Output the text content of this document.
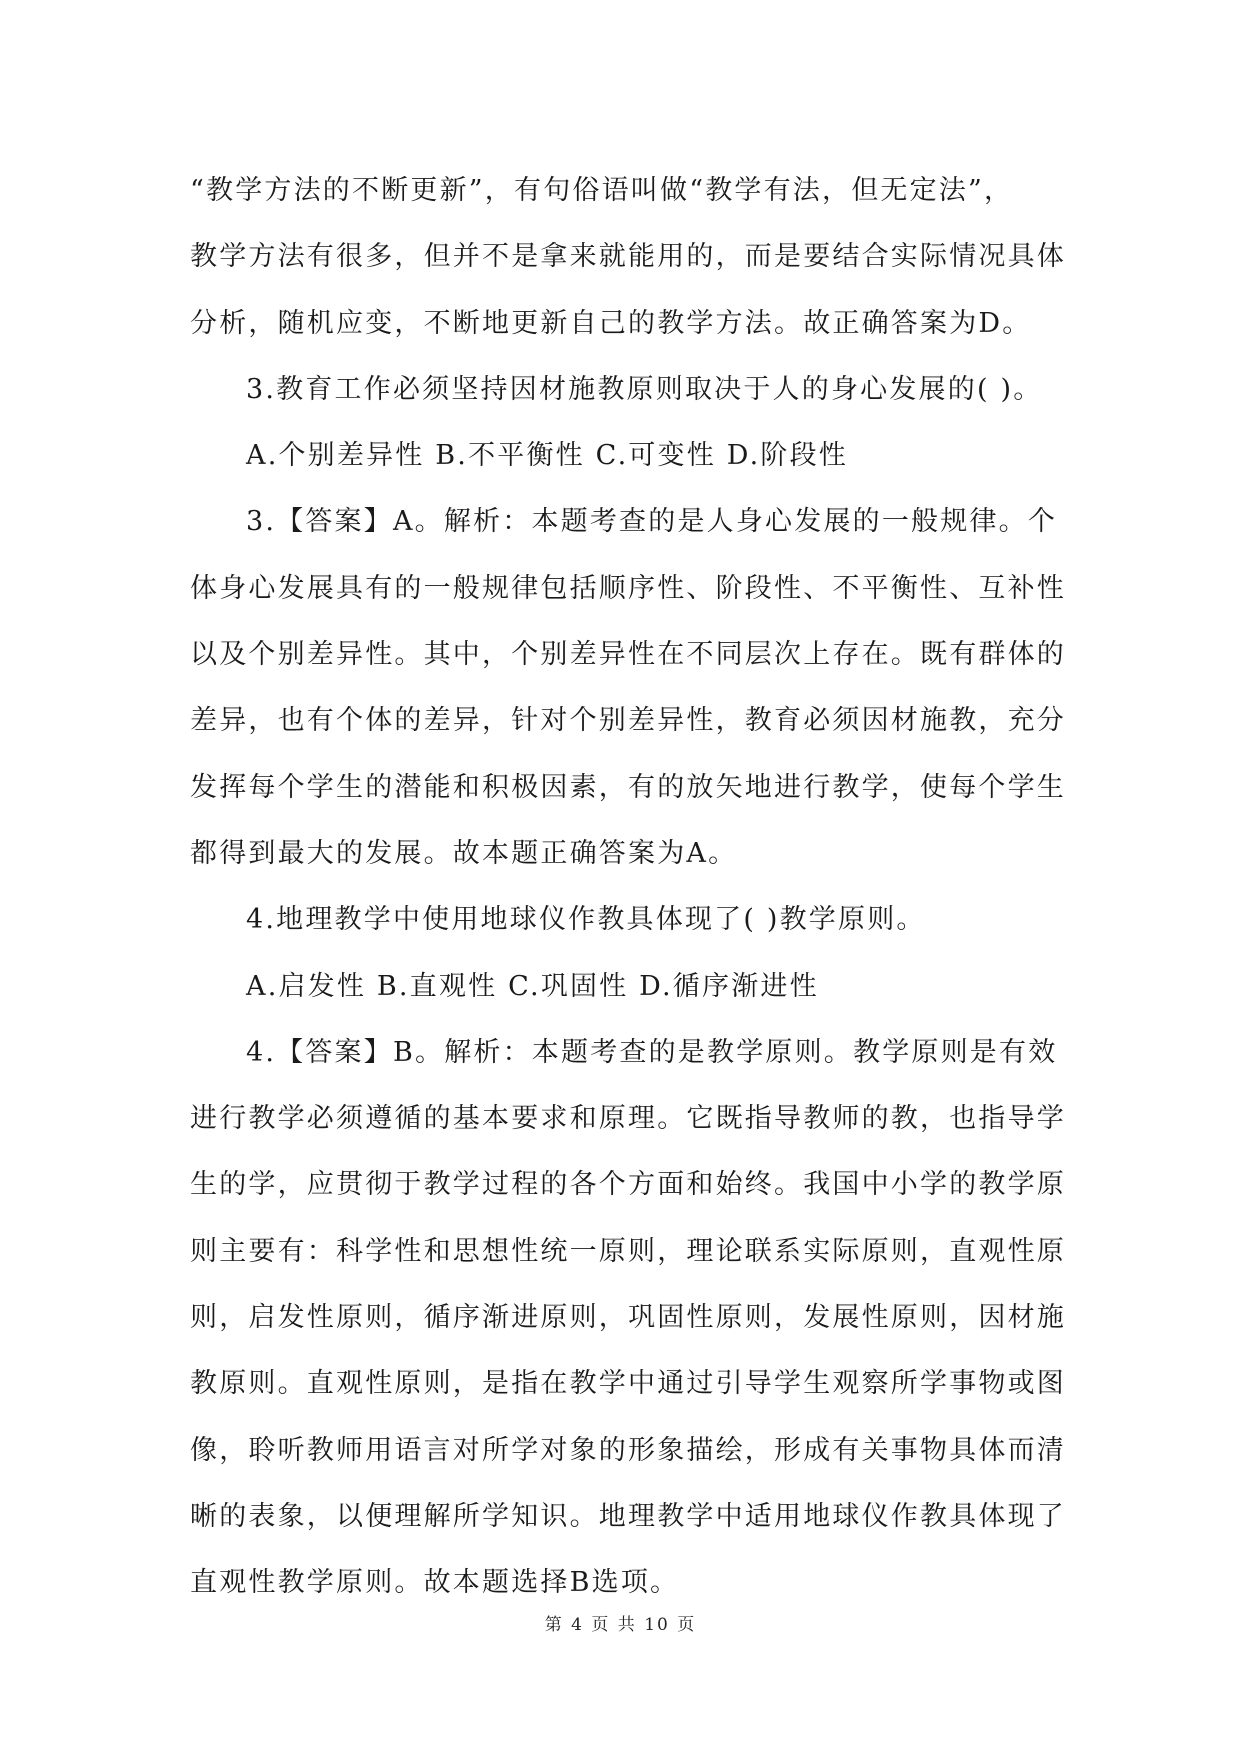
“教学方法的不断更新”，有句俗语叫做“教学有法，但无定法”，
教学方法有很多，但并不是拿来就能用的，而是要结合实际情况具体
分析，随机应变，不断地更新自己的教学方法。故正确答案为D。
3.教育工作必须坚持因材施教原则取决于人的身心发展的( )。
A.个别差异性 B.不平衡性 C.可变性 D.阶段性
3.【答案】A。解析：本题考查的是人身心发展的一般规律。个
体身心发展具有的一般规律包括顺序性、阶段性、不平衡性、互补性
以及个别差异性。其中，个别差异性在不同层次上存在。既有群体的
差异，也有个体的差异，针对个别差异性，教育必须因材施教，充分
发挥每个学生的潜能和积极因素，有的放矢地进行教学，使每个学生
都得到最大的发展。故本题正确答案为A。
4.地理教学中使用地球仪作教具体现了( )教学原则。
A.启发性 B.直观性 C.巩固性 D.循序渐进性
4.【答案】B。解析：本题考查的是教学原则。教学原则是有效
进行教学必须遵循的基本要求和原理。它既指导教师的教，也指导学
生的学，应贯彻于教学过程的各个方面和始终。我国中小学的教学原
则主要有：科学性和思想性统一原则，理论联系实际原则，直观性原
则，启发性原则，循序渐进原则，巩固性原则，发展性原则，因材施
教原则。直观性原则，是指在教学中通过引导学生观察所学事物或图
像，聆听教师用语言对所学对象的形象描绘，形成有关事物具体而清
晰的表象，以便理解所学知识。地理教学中适用地球仪作教具体现了
直观性教学原则。故本题选择B选项。
第 4 页 共 10 页
